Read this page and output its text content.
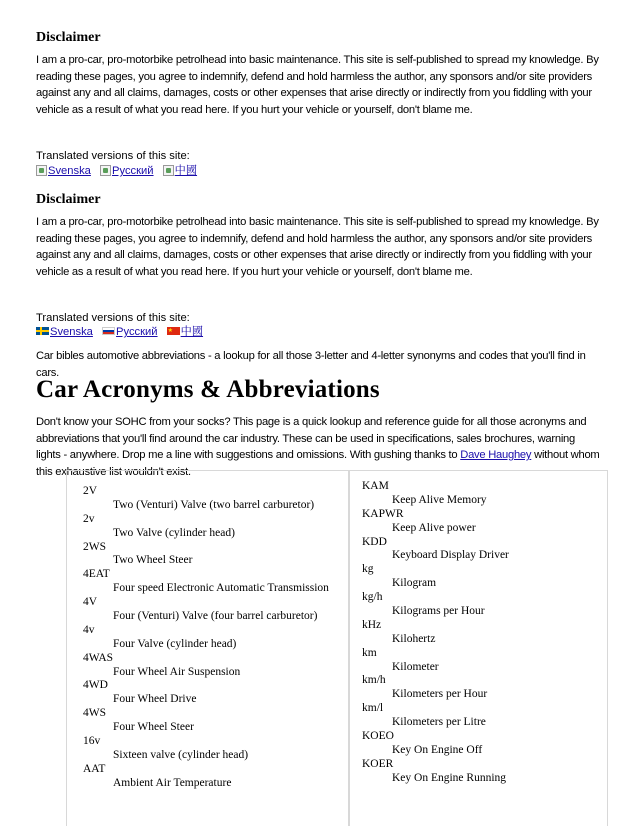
Disclaimer

I am a pro-car, pro-motorbike petrolhead into basic maintenance. This site is self-published to spread my knowledge. By reading these pages, you agree to indemnify, defend and hold harmless the author, any sponsors and/or site providers against any and all claims, damages, costs or other expenses that arise directly or indirectly from you fiddling with your vehicle as a result of what you read here. If you hurt your vehicle or yourself, don't blame me.

Translated versions of this site:

Svenska Русский 中國
Disclaimer

I am a pro-car, pro-motorbike petrolhead into basic maintenance. This site is self-published to spread my knowledge. By reading these pages, you agree to indemnify, defend and hold harmless the author, any sponsors and/or site providers against any and all claims, damages, costs or other expenses that arise directly or indirectly from you fiddling with your vehicle as a result of what you read here. If you hurt your vehicle or yourself, don't blame me.

Translated versions of this site:

Svenska Русский ★ 中國

Car bibles automotive abbreviations - a lookup for all those 3-letter and 4-letter synonyms and codes that you'll find in cars.

Car Acronyms & Abbreviations

Don't know your SOHC from your socks? This page is a quick lookup and reference guide for all those acronyms and abbreviations that you'll find around the car industry. These can be used in specifications, sales brochures, warning lights - anywhere. Drop me a line with suggestions and omissions. With gushing thanks to Dave Haughey without whom this exhaustive list wouldn't exist.

2V
Two (Venturi) Valve (two barrel carburetor)
2v
Two Valve (cylinder head)
2WS
Two Wheel Steer
4EAT
Four speed Electronic Automatic Transmission
4V
Four (Venturi) Valve (four barrel carburetor)
4v
Four Valve (cylinder head)
4WAS
Four Wheel Air Suspension
4WD
Four Wheel Drive
4WS
Four Wheel Steer
16v
Sixteen valve (cylinder head)
AAT
Ambient Air Temperature
KAM
Keep Alive Memory
KAPWR
Keep Alive power
KDD
Keyboard Display Driver
kg
Kilogram
kg/h
Kilograms per Hour
kHz
Kilohertz
km
Kilometer
km/h
Kilometers per Hour
km/l
Kilometers per Litre
KOEO
Key On Engine Off
KOER
Key On Engine Running
